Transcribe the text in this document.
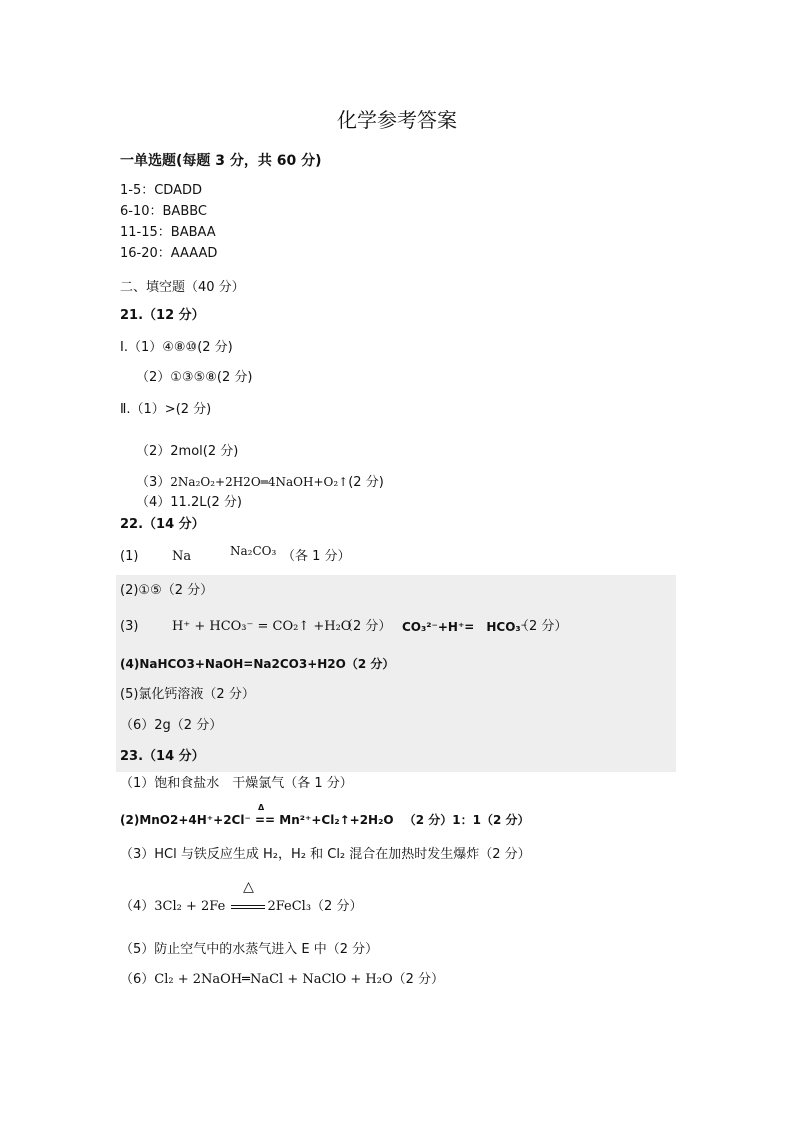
化学参考答案
一单选题(每题 3 分，共 60 分)
1-5：CDADD
6-10：BABBC
11-15：BABAA
16-20：AAAAD
二、填空题（40 分）
21.（12 分）
Ⅰ.（1）④⑧⑩(2 分)
（2）①③⑤⑧(2 分)
Ⅱ.（1）>(2 分)
（2）2mol(2 分)
（3）2Na₂O₂+2H2O═4NaOH+O₂↑(2 分)
（4）11.2L(2 分)
22.（14 分）
(1)	Na	Na₂CO₃ （各 1 分）
(2)①⑤（2 分）
(3)	H⁺ + HCO₃⁻ = CO₂↑ +H₂O
（2 分） CO₃²⁻+H⁺=　HCO₃⁻
（2 分）
(4)NaHCO3+NaOH=Na2CO3+H2O（2 分）
(5)氯化钙溶液（2 分）
（6）2g（2 分）
23.（14 分）
（1）饱和食盐水　干燥氯气（各 1 分）
(2)MnO2+4H⁺+2Cl⁻
Δ
== Mn²⁺+Cl₂↑+2H₂O （2 分）1：1（2 分）
（3）HCl 与铁反应生成 H₂，H₂ 和 Cl₂ 混合在加热时发生爆炸（2 分）
（4）3Cl₂ + 2Fe
△
2FeCl₃（2 分）
（5）防止空气中的水蒸气进入 E 中（2 分）
（6）Cl₂ + 2NaOH═NaCl + NaClO + H₂O（2 分）
